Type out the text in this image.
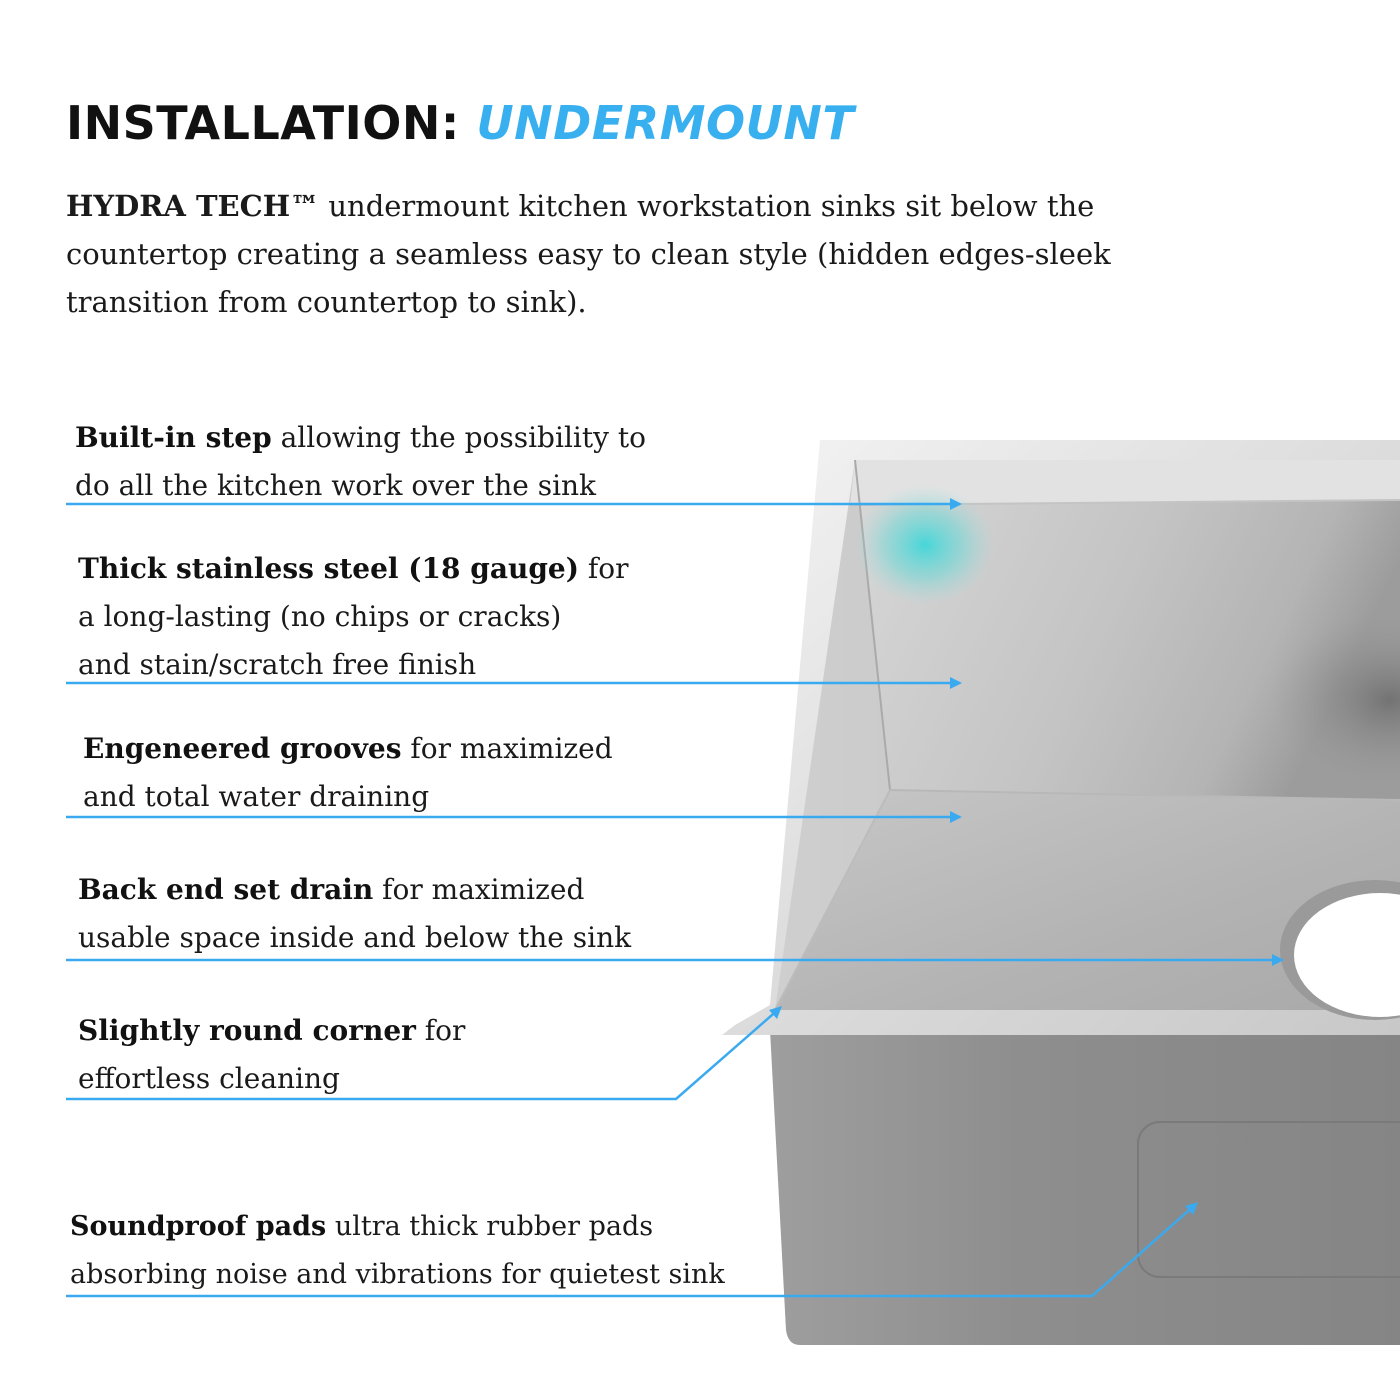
INSTALLATION: UNDERMOUNT

HYDRA TECH™ undermount kitchen workstation sinks sit below the countertop creating a seamless easy to clean style (hidden edges-sleek transition from countertop to sink).

Built-in step allowing the possibility to
do all the kitchen work over the sink
Thick stainless steel (18 gauge) for
a long-lasting (no chips or cracks)
and stain/scratch free finish
Engeneered grooves for maximized
and total water draining
Back end set drain for maximized
usable space inside and below the sink
Slightly round corner for
effortless cleaning
Soundproof pads ultra thick rubber pads
absorbing noise and vibrations for quietest sink
